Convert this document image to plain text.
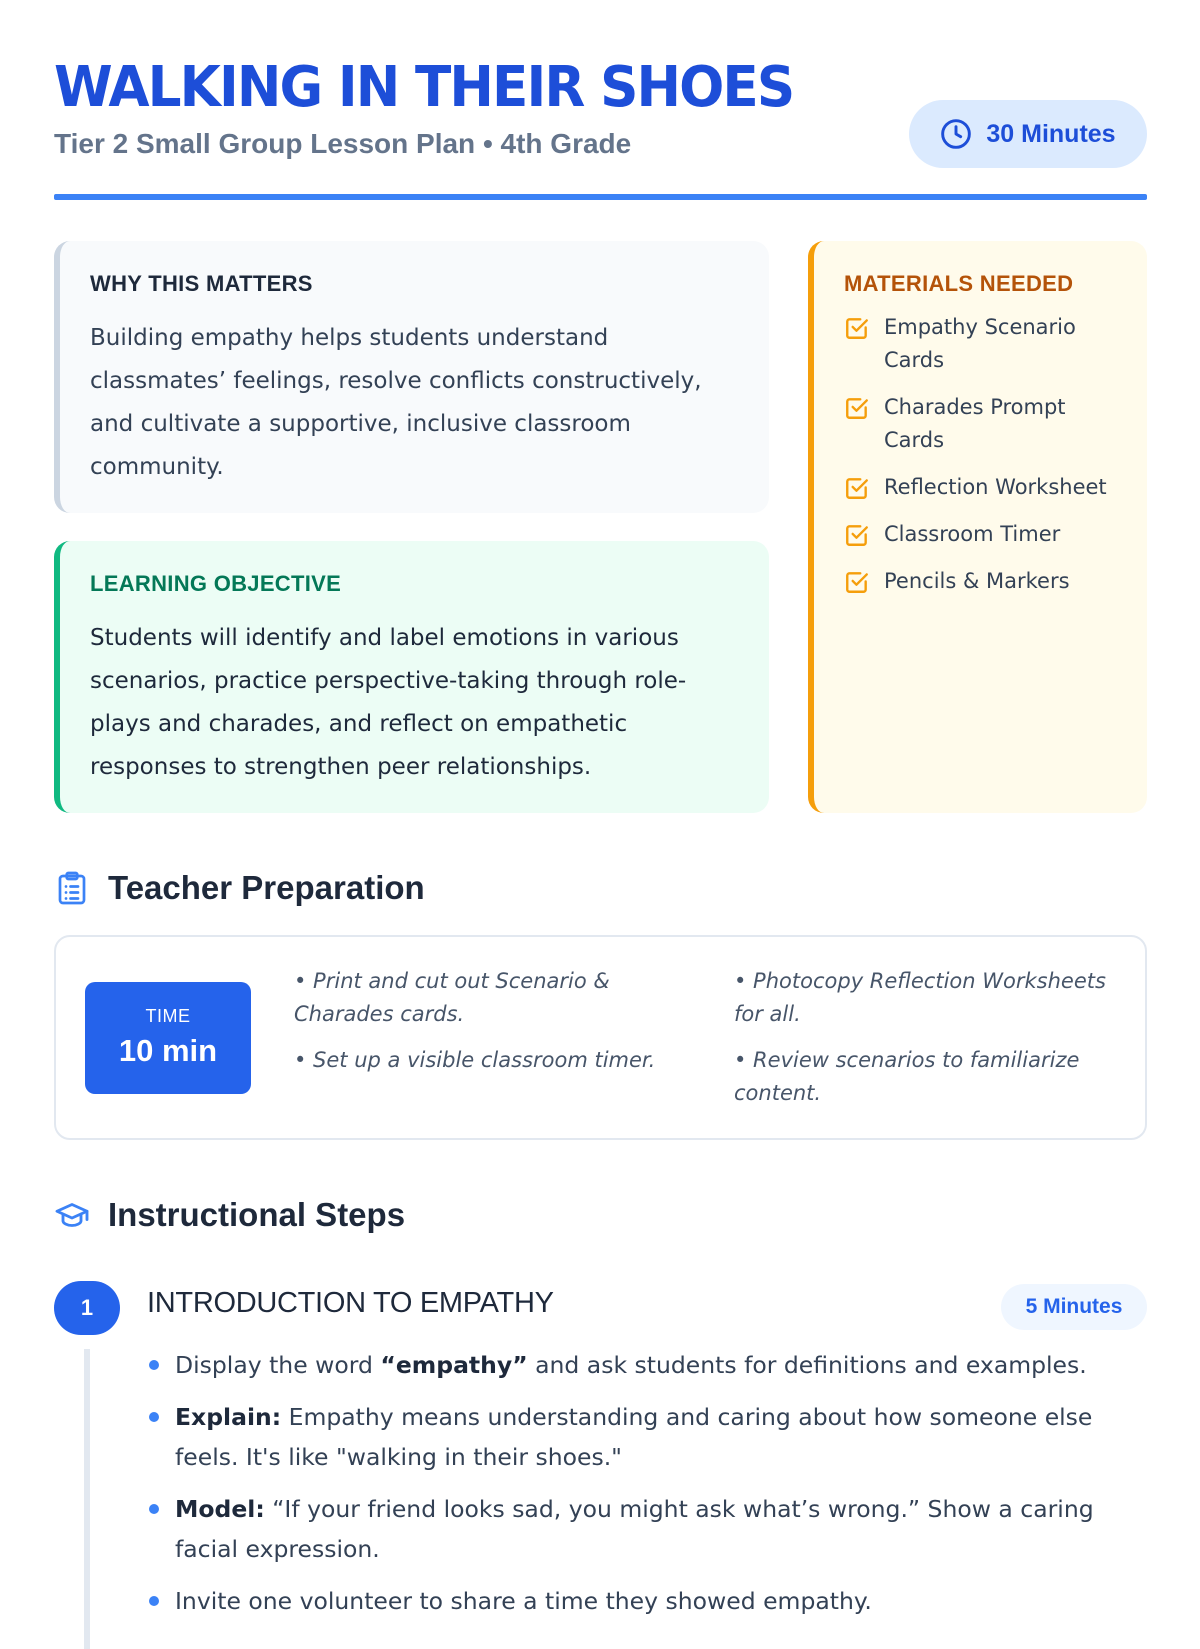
WALKING IN THEIR SHOES
Tier 2 Small Group Lesson Plan • 4th Grade	30 Minutes
WHY THIS MATTERS
Building empathy helps students understand classmates’ feelings, resolve conflicts constructively, and cultivate a supportive, inclusive classroom community.
LEARNING OBJECTIVE
Students will identify and label emotions in various scenarios, practice perspective-taking through role-plays and charades, and reflect on empathetic responses to strengthen peer relationships.
MATERIALS NEEDED
Empathy Scenario Cards
Charades Prompt Cards
Reflection Worksheet
Classroom Timer
Pencils & Markers
Teacher Preparation
TIME
10 min

• Print and cut out Scenario & Charades cards.

• Set up a visible classroom timer.

• Photocopy Reflection Worksheets for all.

• Review scenarios to familiarize content.

Instructional Steps
1	INTRODUCTION TO EMPATHY	5 Minutes
Display the word “empathy” and ask students for definitions and examples.
Explain: Empathy means understanding and caring about how someone else feels. It's like "walking in their shoes."
Model: “If your friend looks sad, you might ask what’s wrong.” Show a caring facial expression.
Invite one volunteer to share a time they showed empathy.
